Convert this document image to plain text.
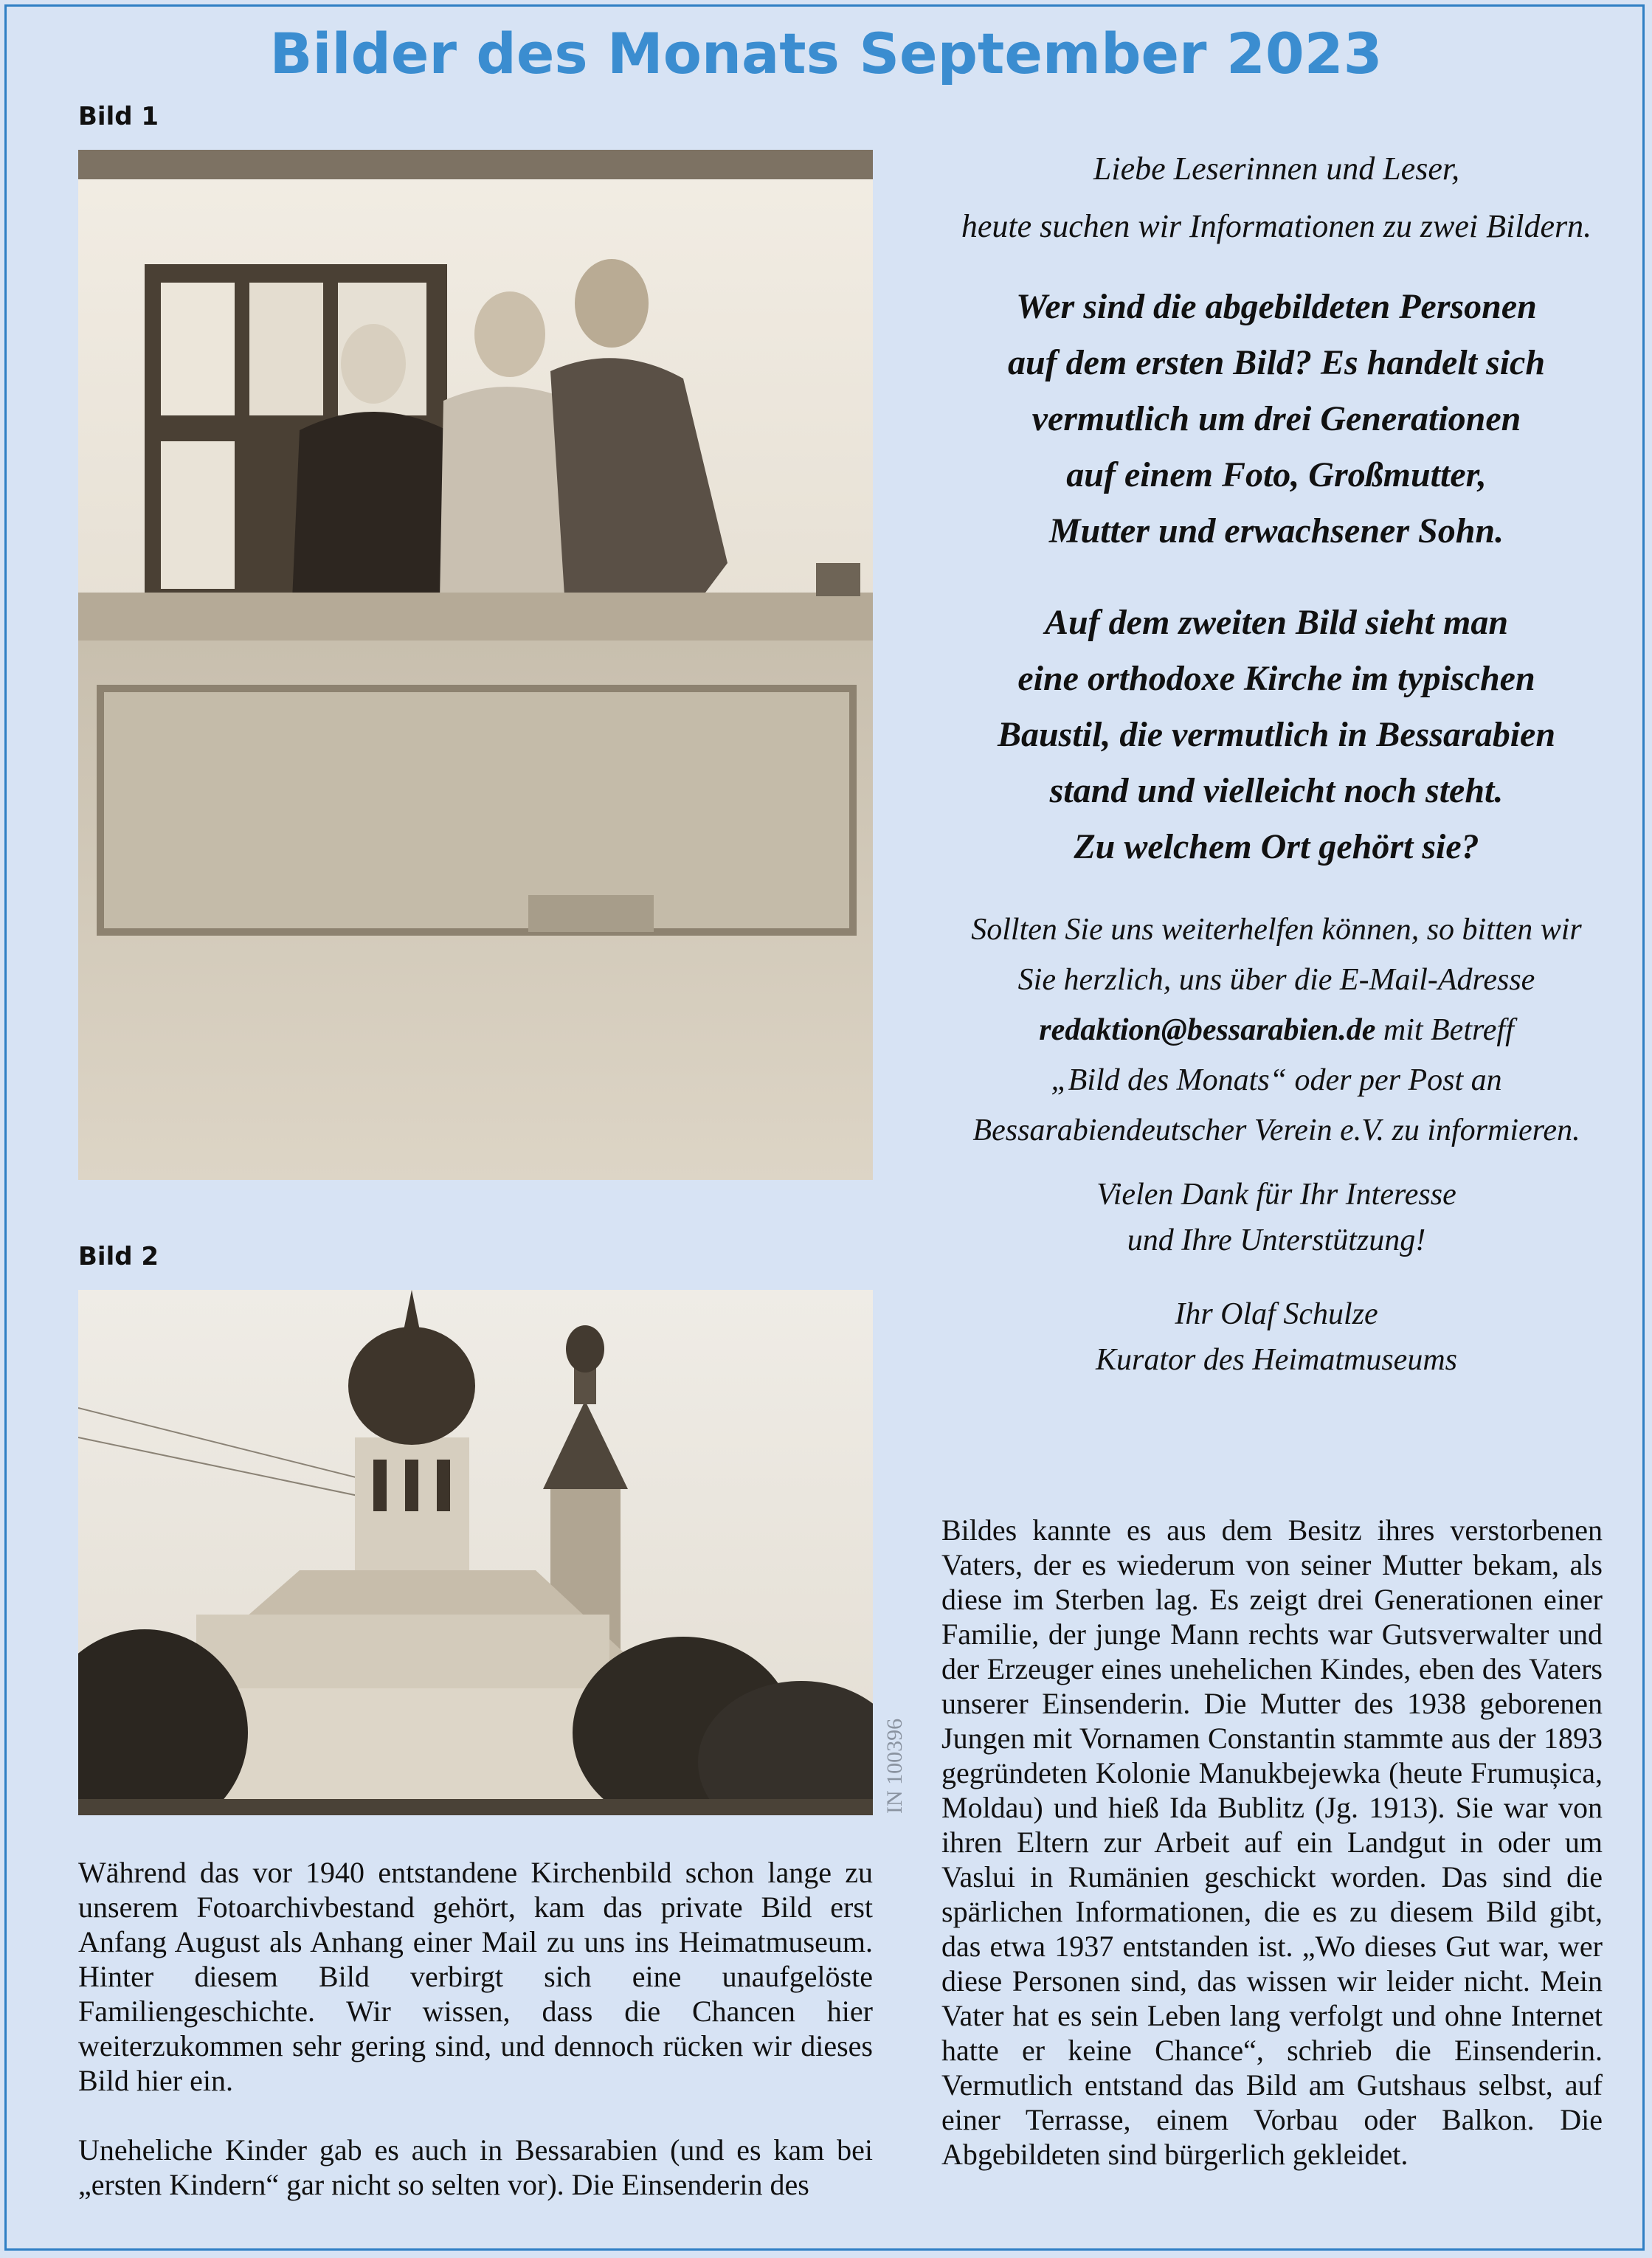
Bilder des Monats September 2023
Bild 1
Bild 2
IN 100396
Liebe Leserinnen und Leser,
heute suchen wir Informationen zu zwei Bildern.
Wer sind die abgebildeten Personen
auf dem ersten Bild? Es handelt sich
vermutlich um drei Generationen
auf einem Foto, Großmutter,
Mutter und erwachsener Sohn.
Auf dem zweiten Bild sieht man
eine orthodoxe Kirche im typischen
Baustil, die vermutlich in Bessarabien
stand und vielleicht noch steht.
Zu welchem Ort gehört sie?
Sollten Sie uns weiterhelfen können, so bitten wir
Sie herzlich, uns über die E-Mail-Adresse
redaktion@bessarabien.de mit Betreff
„Bild des Monats“ oder per Post an
Bessarabiendeutscher Verein e.V. zu informieren.
Vielen Dank für Ihr Interesse
und Ihre Unterstützung!
Ihr Olaf Schulze
Kurator des Heimatmuseums

Während das vor 1940 entstandene Kirchenbild schon lange zu unserem Fotoarchivbestand gehört, kam das private Bild erst Anfang August als Anhang einer Mail zu uns ins Heimatmuseum. Hinter diesem Bild verbirgt sich eine unaufgelöste Familiengeschichte. Wir wissen, dass die Chancen hier weiterzukommen sehr gering sind, und dennoch rücken wir dieses Bild hier ein.

Uneheliche Kinder gab es auch in Bessarabien (und es kam bei „ersten Kindern“ gar nicht so selten vor). Die Einsenderin des

Bildes kannte es aus dem Besitz ihres verstorbenen Vaters, der es wiederum von seiner Mutter bekam, als diese im Sterben lag. Es zeigt drei Generationen einer Familie, der junge Mann rechts war Gutsverwalter und der Erzeuger eines unehelichen Kindes, eben des Vaters unserer Einsenderin. Die Mutter des 1938 geborenen Jungen mit Vornamen Constantin stammte aus der 1893 gegründeten Kolonie Manukbejewka (heute Frumușica, Moldau) und hieß Ida Bublitz (Jg. 1913). Sie war von ihren Eltern zur Arbeit auf ein Landgut in oder um Vaslui in Rumänien geschickt worden. Das sind die spärlichen Informationen, die es zu diesem Bild gibt, das etwa 1937 entstanden ist. „Wo dieses Gut war, wer diese Personen sind, das wissen wir leider nicht. Mein Vater hat es sein Leben lang verfolgt und ohne Internet hatte er keine Chance“, schrieb die Einsenderin. Vermutlich entstand das Bild am Gutshaus selbst, auf einer Terrasse, einem Vorbau oder Balkon. Die Abgebildeten sind bürgerlich gekleidet.
